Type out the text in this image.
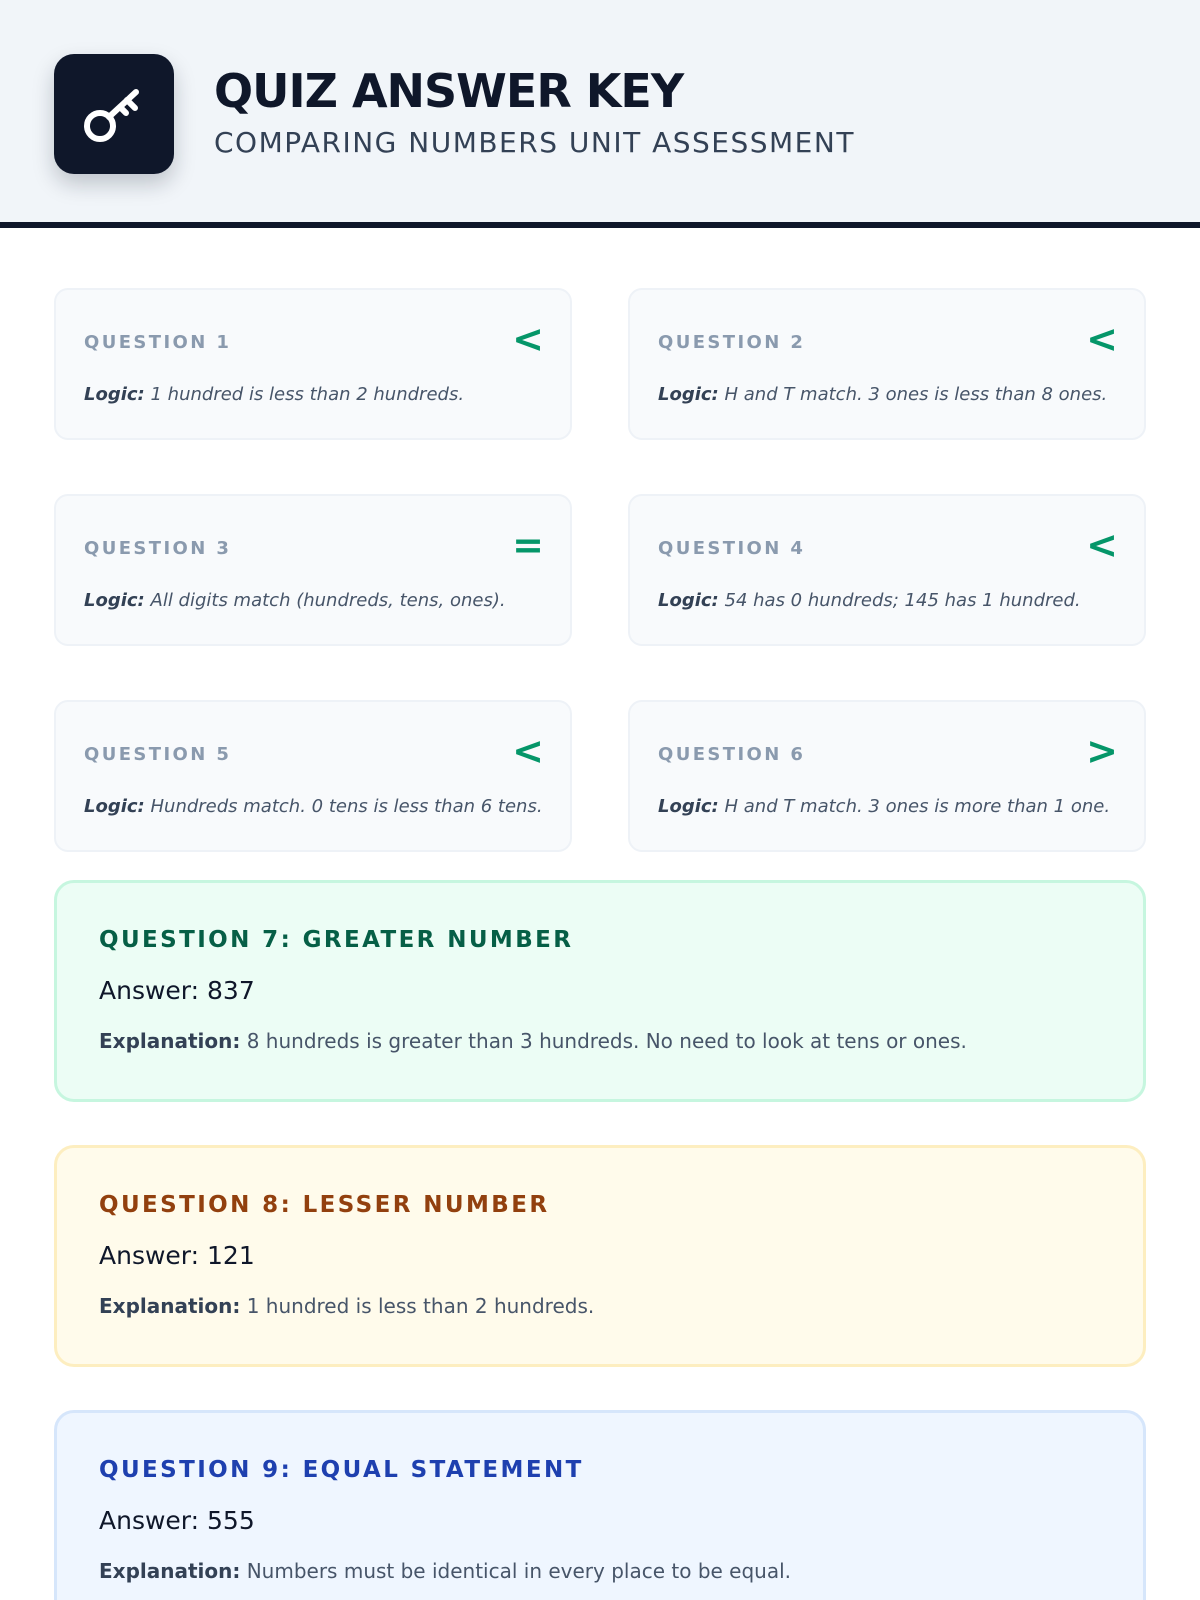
QUIZ ANSWER KEY
COMPARING NUMBERS UNIT ASSESSMENT
QUESTION 1	<
Logic: 1 hundred is less than 2 hundreds.
QUESTION 2	<
Logic: H and T match. 3 ones is less than 8 ones.
QUESTION 3	=
Logic: All digits match (hundreds, tens, ones).
QUESTION 4	<
Logic: 54 has 0 hundreds; 145 has 1 hundred.
QUESTION 5	<
Logic: Hundreds match. 0 tens is less than 6 tens.
QUESTION 6	>
Logic: H and T match. 3 ones is more than 1 one.
QUESTION 7: GREATER NUMBER
Answer: 837
Explanation: 8 hundreds is greater than 3 hundreds. No need to look at tens or ones.
QUESTION 8: LESSER NUMBER
Answer: 121
Explanation: 1 hundred is less than 2 hundreds.
QUESTION 9: EQUAL STATEMENT
Answer: 555
Explanation: Numbers must be identical in every place to be equal.
